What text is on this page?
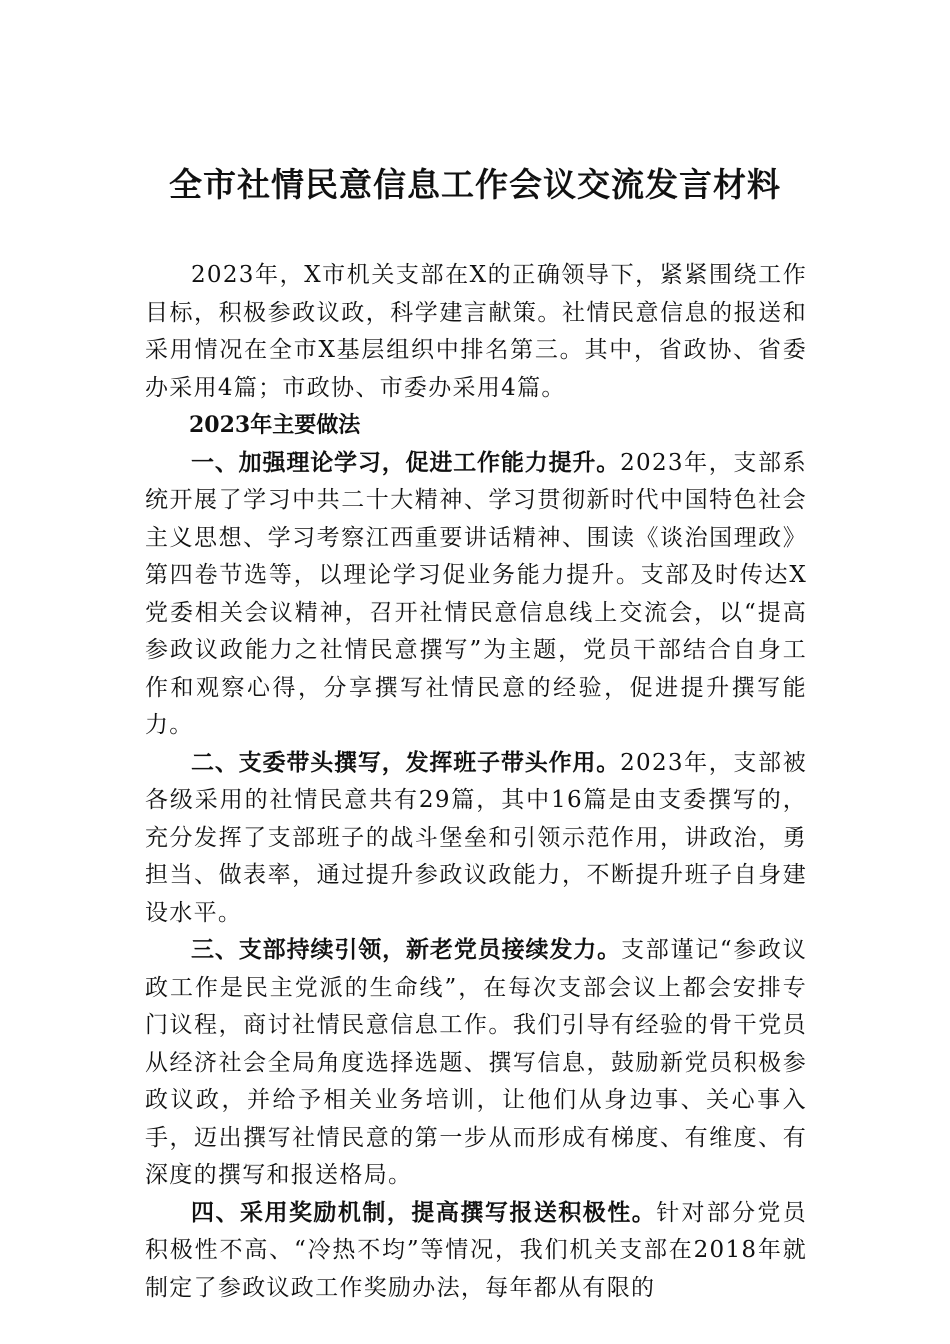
全市社情民意信息工作会议交流发言材料

2023年，X市机关支部在X的正确领导下，紧紧围绕工作目标，积极参政议政，科学建言献策。社情民意信息的报送和采用情况在全市X基层组织中排名第三。其中，省政协、省委办采用4篇；市政协、市委办采用4篇。

2023年主要做法

一、加强理论学习，促进工作能力提升。2023年，支部系统开展了学习中共二十大精神、学习贯彻新时代中国特色社会主义思想、学习考察江西重要讲话精神、围读《谈治国理政》第四卷节选等，以理论学习促业务能力提升。支部及时传达X党委相关会议精神，召开社情民意信息线上交流会，以“提高参政议政能力之社情民意撰写”为主题，党员干部结合自身工作和观察心得，分享撰写社情民意的经验，促进提升撰写能力。

二、支委带头撰写，发挥班子带头作用。2023年，支部被各级采用的社情民意共有29篇，其中16篇是由支委撰写的，充分发挥了支部班子的战斗堡垒和引领示范作用，讲政治，勇担当、做表率，通过提升参政议政能力，不断提升班子自身建设水平。

三、支部持续引领，新老党员接续发力。支部谨记“参政议政工作是民主党派的生命线”，在每次支部会议上都会安排专门议程，商讨社情民意信息工作。我们引导有经验的骨干党员从经济社会全局角度选择选题、撰写信息，鼓励新党员积极参政议政，并给予相关业务培训，让他们从身边事、关心事入手，迈出撰写社情民意的第一步从而形成有梯度、有维度、有深度的撰写和报送格局。

四、采用奖励机制，提高撰写报送积极性。针对部分党员积极性不高、“冷热不均”等情况，我们机关支部在2018年就制定了参政议政工作奖励办法，每年都从有限的
